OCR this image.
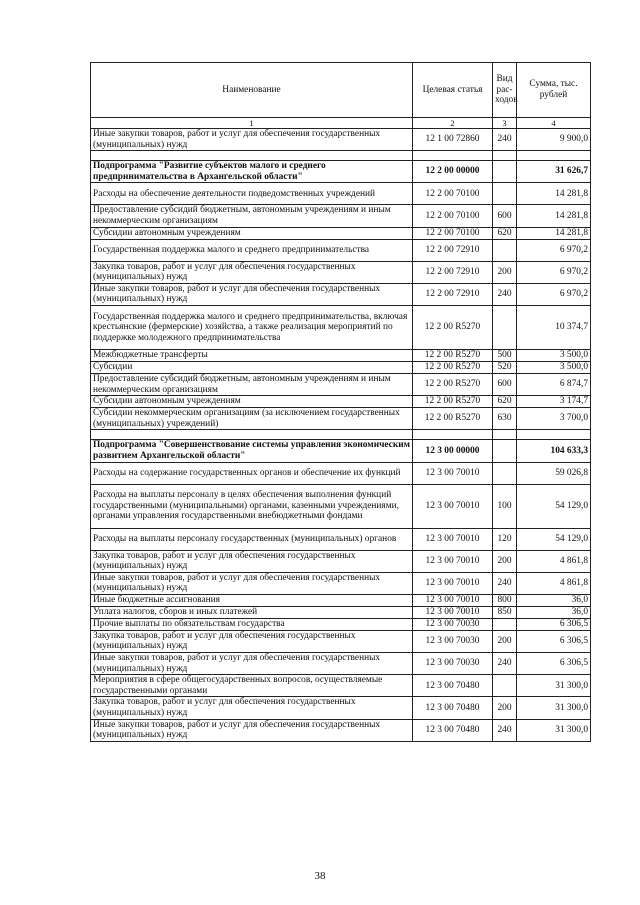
Наименование	Целевая статья	Вид рас-ходов	Сумма, тыс. рублей
1	2	3	4
Иные закупки товаров, работ и услуг для обеспечения государственных (муниципальных) нужд	12 1 00 72860	240	9 900,0

Подпрограмма "Развитие субъектов малого и среднего предпринимательства в Архангельской области"	12 2 00 00000		31 626,7
Расходы на обеспечение деятельности подведомственных учреждений	12 2 00 70100		14 281,8
Предоставление субсидий бюджетным, автономным учреждениям и иным некоммерческим организациям	12 2 00 70100	600	14 281,8
Субсидии автономным учреждениям	12 2 00 70100	620	14 281,8
Государственная поддержка малого и среднего предпринимательства	12 2 00 72910		6 970,2
Закупка товаров, работ и услуг для обеспечения государственных (муниципальных) нужд	12 2 00 72910	200	6 970,2
Иные закупки товаров, работ и услуг для обеспечения государственных (муниципальных) нужд	12 2 00 72910	240	6 970,2
Государственная поддержка малого и среднего предпринимательства, включая крестьянские (фермерские) хозяйства, а также реализация мероприятий по поддержке молодежного предпринимательства	12 2 00 R5270		10 374,7
Межбюджетные трансферты	12 2 00 R5270	500	3 500,0
Субсидии	12 2 00 R5270	520	3 500,0
Предоставление субсидий бюджетным, автономным учреждениям и иным некоммерческим организациям	12 2 00 R5270	600	6 874,7
Субсидии автономным учреждениям	12 2 00 R5270	620	3 174,7
Субсидии некоммерческим организациям (за исключением государственных (муниципальных) учреждений)	12 2 00 R5270	630	3 700,0

Подпрограмма "Совершенствование системы управления экономическим развитием Архангельской области"	12 3 00 00000		104 633,3
Расходы на содержание государственных органов и обеспечение их функций	12 3 00 70010		59 026,8
Расходы на выплаты персоналу в целях обеспечения выполнения функций государственными (муниципальными) органами, казенными учреждениями, органами управления государственными внебюджетными фондами	12 3 00 70010	100	54 129,0
Расходы на выплаты персоналу государственных (муниципальных) органов	12 3 00 70010	120	54 129,0
Закупка товаров, работ и услуг для обеспечения государственных (муниципальных) нужд	12 3 00 70010	200	4 861,8
Иные закупки товаров, работ и услуг для обеспечения государственных (муниципальных) нужд	12 3 00 70010	240	4 861,8
Иные бюджетные ассигнования	12 3 00 70010	800	36,0
Уплата налогов, сборов и иных платежей	12 3 00 70010	850	36,0
Прочие выплаты по обязательствам государства	12 3 00 70030		6 306,5
Закупка товаров, работ и услуг для обеспечения государственных (муниципальных) нужд	12 3 00 70030	200	6 306,5
Иные закупки товаров, работ и услуг для обеспечения государственных (муниципальных) нужд	12 3 00 70030	240	6 306,5
Мероприятия в сфере общегосударственных вопросов, осуществляемые государственными органами	12 3 00 70480		31 300,0
Закупка товаров, работ и услуг для обеспечения государственных (муниципальных) нужд	12 3 00 70480	200	31 300,0
Иные закупки товаров, работ и услуг для обеспечения государственных (муниципальных) нужд	12 3 00 70480	240	31 300,0
38
